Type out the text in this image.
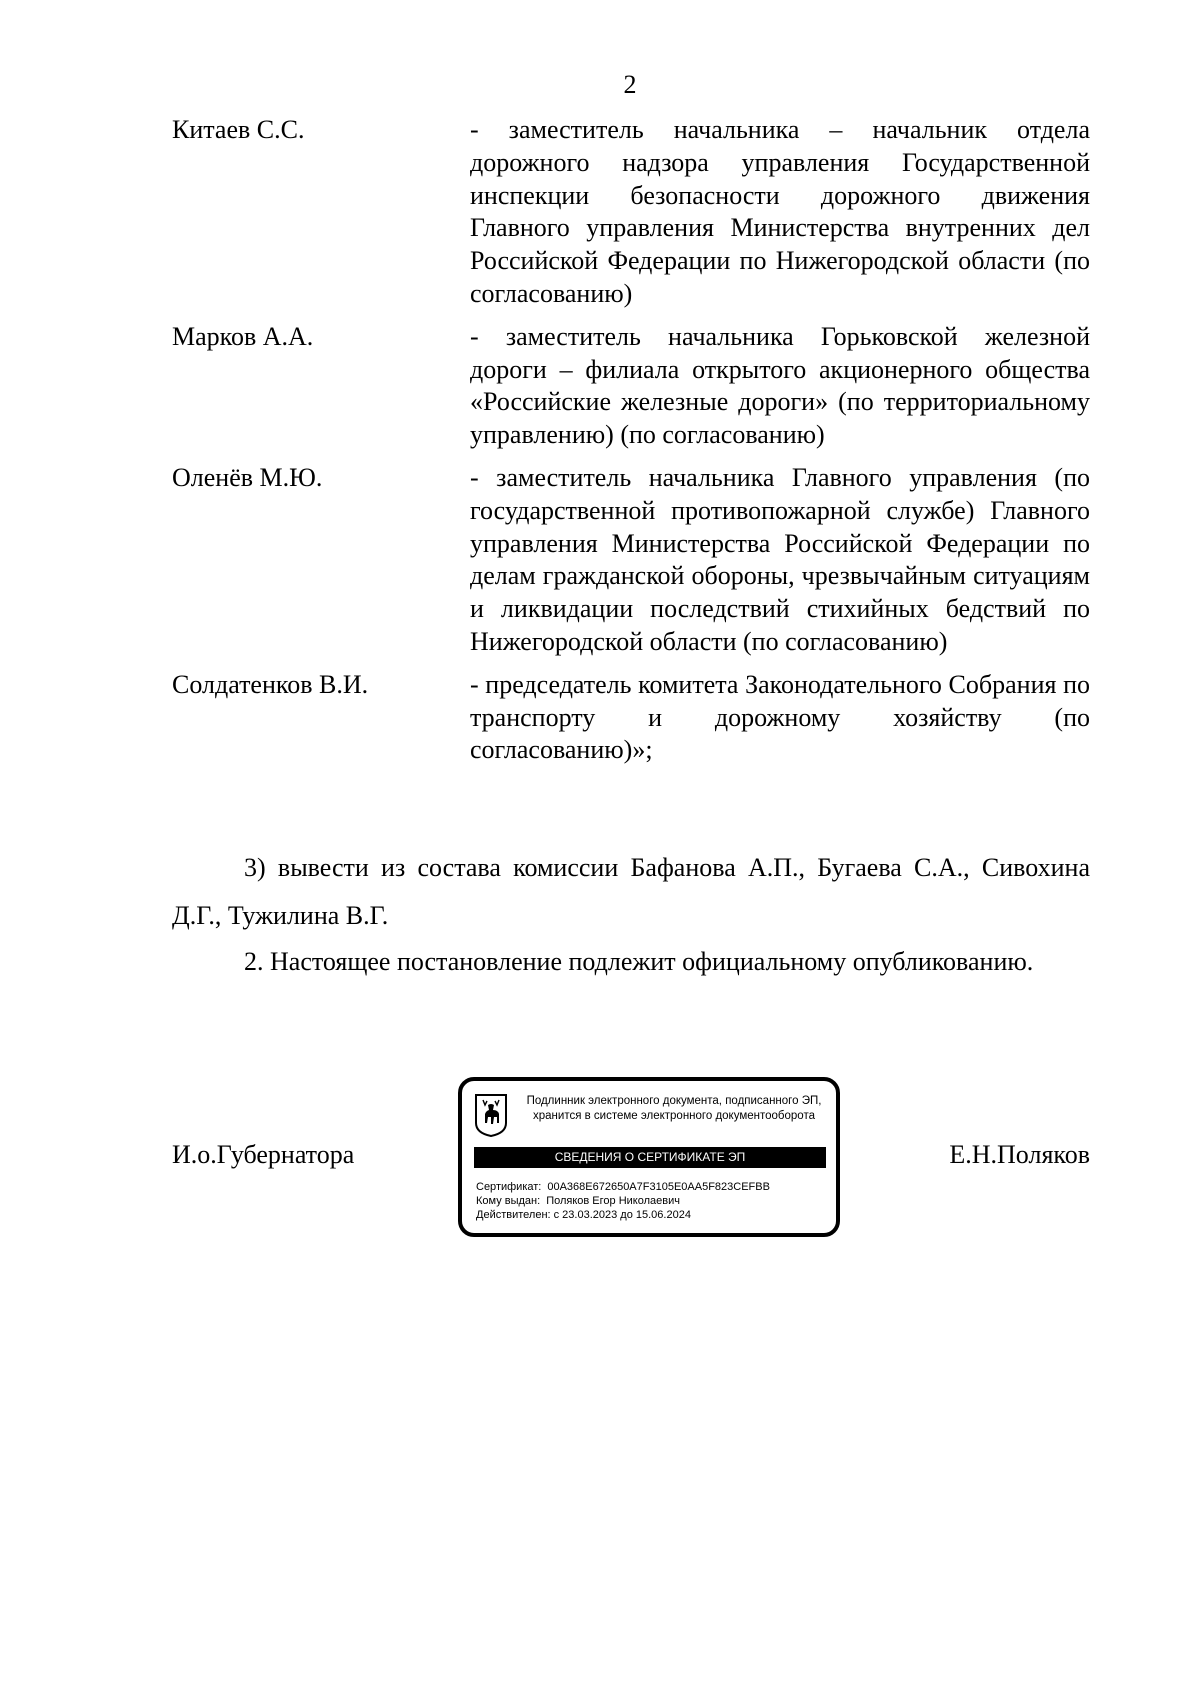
2
Китаев С.С.	- заместитель начальника – начальник отдела дорожного надзора управления Государственной инспекции безопасности дорожного движения Главного управления Министерства внутренних дел Российской Федерации по Нижегородской области (по согласованию)
Марков А.А.	- заместитель начальника Горьковской железной дороги – филиала открытого акционерного общества «Российские железные дороги» (по территориальному управлению) (по согласованию)
Оленёв М.Ю.	- заместитель начальника Главного управления (по государственной противопожарной службе) Главного управления Министерства Российской Федерации по делам гражданской обороны, чрезвычайным ситуациям и ликвидации последствий стихийных бедствий по Нижегородской области (по согласованию)
Солдатенков В.И.	- председатель комитета Законодательного Собрания по транспорту и дорожному хозяйству (по согласованию)»;

3) вывести из состава комиссии Бафанова А.П., Бугаева С.А., Сивохина Д.Г., Тужилина В.Г.

2. Настоящее постановление подлежит официальному опубликованию.

И.о.Губернатора	Е.Н.Поляков
Подлинник электронного документа, подписанного ЭП,
хранится в системе электронного документооборота
СВЕДЕНИЯ О СЕРТИФИКАТЕ ЭП
Сертификат: 00A368E672650A7F3105E0AA5F823CEFBB
Кому выдан: Поляков Егор Николаевич
Действителен: с 23.03.2023 до 15.06.2024
